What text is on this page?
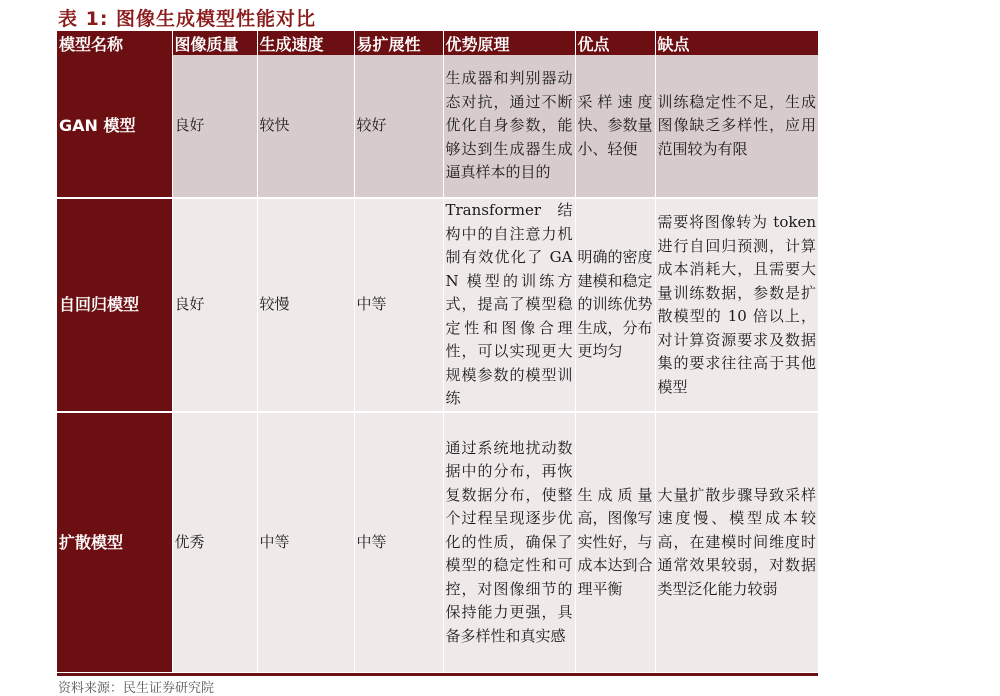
表 1: 图像生成模型性能对比
模型名称	图像质量	生成速度	易扩展性	优势原理	优点	缺点
GAN 模型	良好	较快	较好	生成器和判别器动态对抗，通过不断优化自身参数，能够达到生成器生成逼真样本的目的	采样速度快、参数量小、轻便	训练稳定性不足，生成图像缺乏多样性，应用范围较为有限
自回归模型	良好	较慢	中等	Transformer 结构中的自注意力机制有效优化了 GAN 模型的训练方式，提高了模型稳定性和图像合理性，可以实现更大规模参数的模型训练	明确的密度建模和稳定的训练优势生成，分布更均匀	需要将图像转为 token 进行自回归预测，计算成本消耗大，且需要大量训练数据，参数是扩散模型的 10 倍以上，对计算资源要求及数据集的要求往往高于其他模型
扩散模型	优秀	中等	中等	通过系统地扰动数据中的分布，再恢复数据分布，使整个过程呈现逐步优化的性质，确保了模型的稳定性和可控，对图像细节的保持能力更强，具备多样性和真实感	生成质量高，图像写实性好，与成本达到合理平衡	大量扩散步骤导致采样速度慢、模型成本较高，在建模时间维度时通常效果较弱，对数据类型泛化能力较弱
资料来源：民生证券研究院
